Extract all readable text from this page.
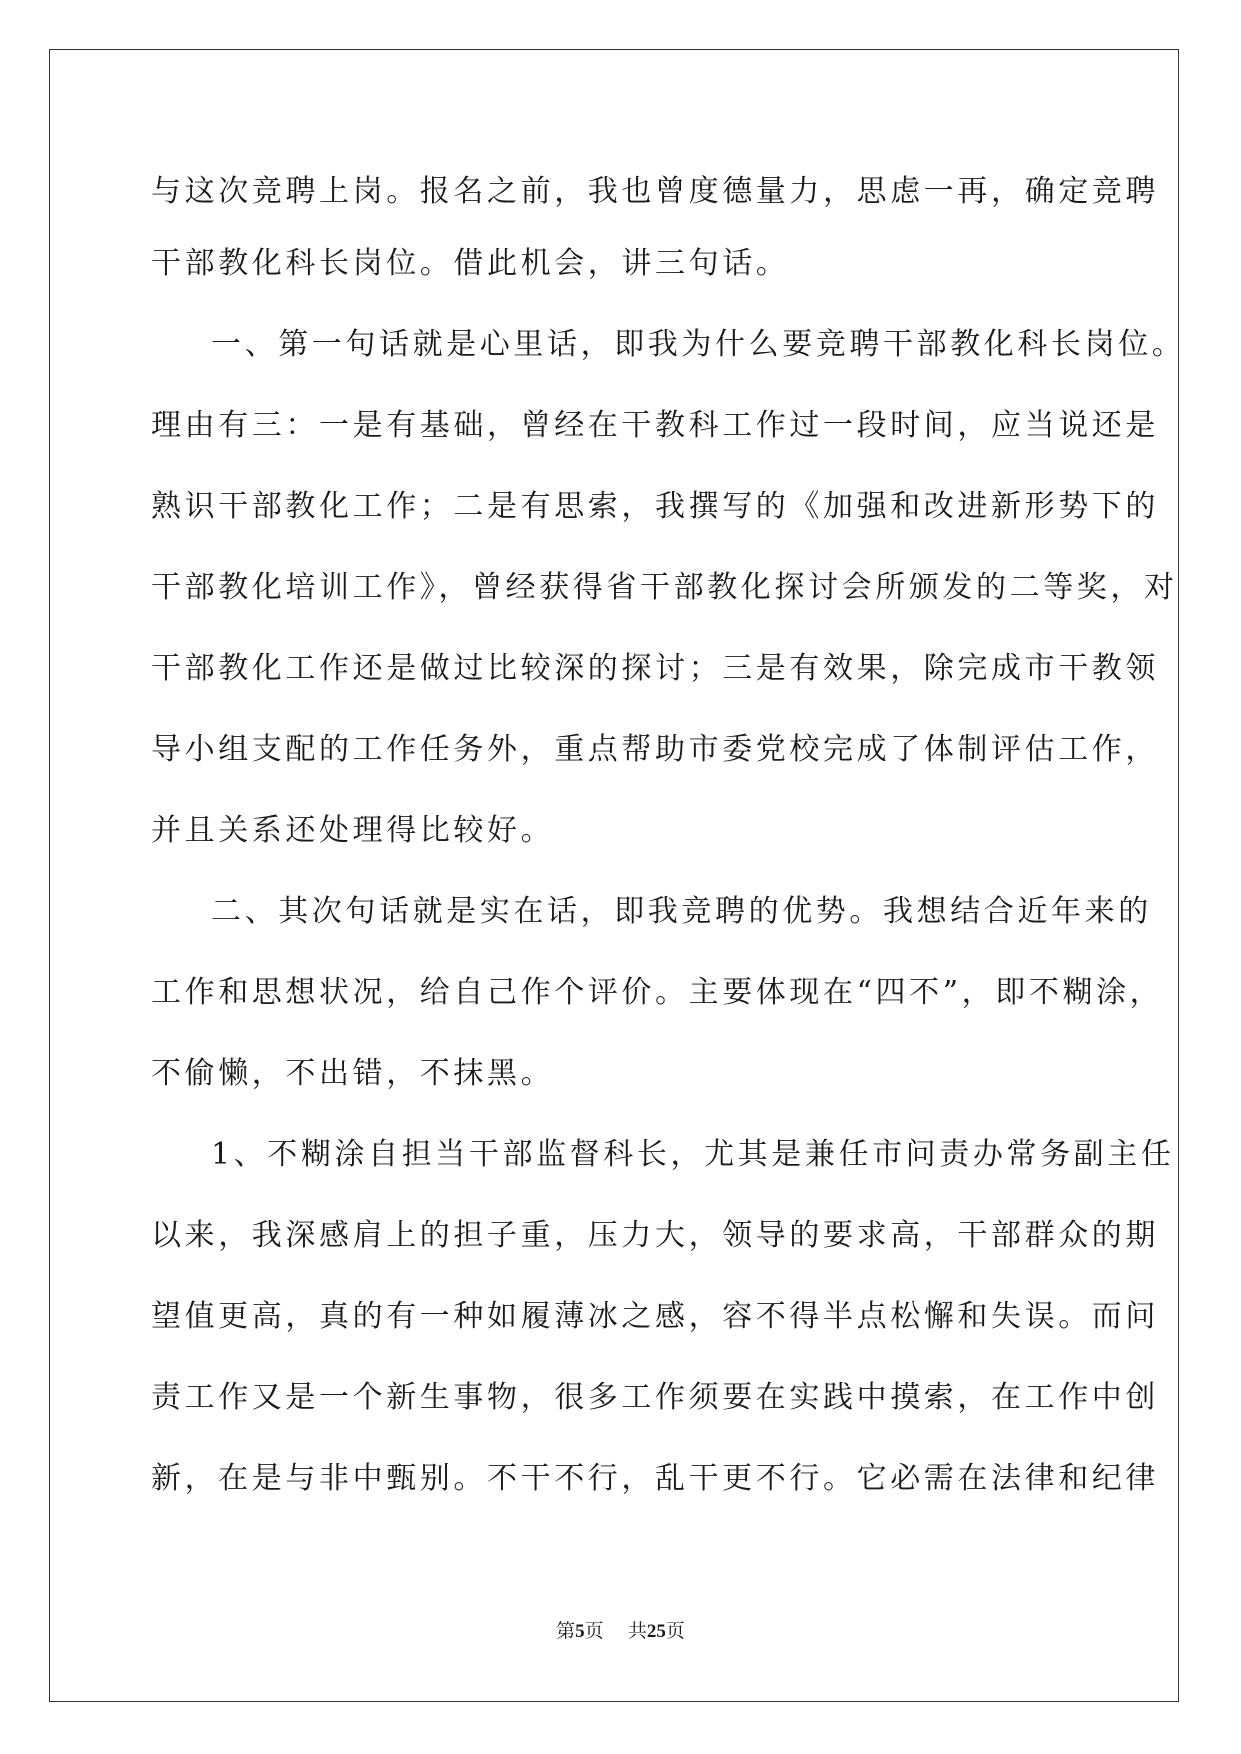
与这次竞聘上岗。报名之前，我也曾度德量力，思虑一再，确定竞聘
干部教化科长岗位。借此机会，讲三句话。
一、第一句话就是心里话，即我为什么要竞聘干部教化科长岗位。
理由有三：一是有基础，曾经在干教科工作过一段时间，应当说还是
熟识干部教化工作；二是有思索，我撰写的《加强和改进新形势下的
干部教化培训工作》，曾经获得省干部教化探讨会所颁发的二等奖，对
干部教化工作还是做过比较深的探讨；三是有效果，除完成市干教领
导小组支配的工作任务外，重点帮助市委党校完成了体制评估工作，
并且关系还处理得比较好。
二、其次句话就是实在话，即我竞聘的优势。我想结合近年来的
工作和思想状况，给自己作个评价。主要体现在“四不”，即不糊涂，
不偷懒，不出错，不抹黑。
1、不糊涂自担当干部监督科长，尤其是兼任市问责办常务副主任
以来，我深感肩上的担子重，压力大，领导的要求高，干部群众的期
望值更高，真的有一种如履薄冰之感，容不得半点松懈和失误。而问
责工作又是一个新生事物，很多工作须要在实践中摸索，在工作中创
新，在是与非中甄别。不干不行，乱干更不行。它必需在法律和纪律
第5页 共25页
